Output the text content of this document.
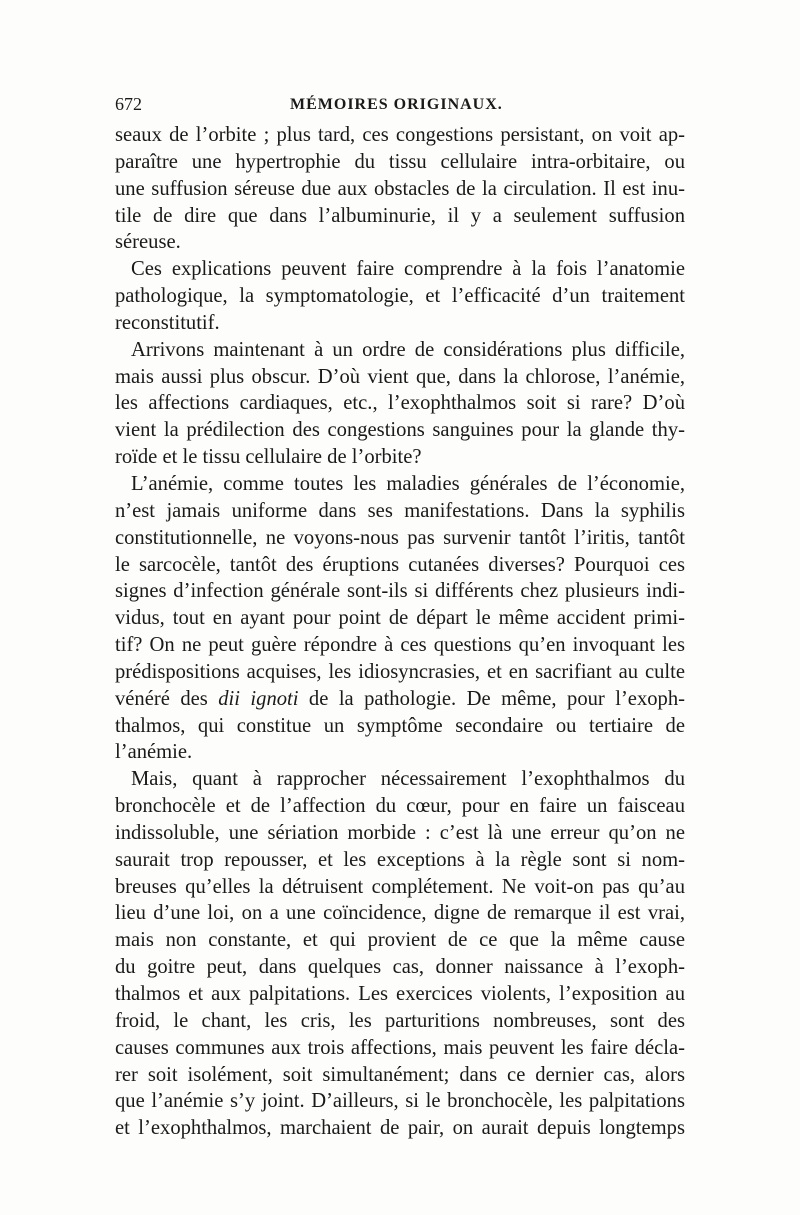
672	MÉMOIRES ORIGINAUX.
seaux de l’orbite ; plus tard, ces congestions persistant, on voit ap-
paraître une hypertrophie du tissu cellulaire intra-orbitaire, ou
une suffusion séreuse due aux obstacles de la circulation. Il est inu-
tile de dire que dans l’albuminurie, il y a seulement suffusion
séreuse.
Ces explications peuvent faire comprendre à la fois l’anatomie
pathologique, la symptomatologie, et l’efficacité d’un traitement
reconstitutif.
Arrivons maintenant à un ordre de considérations plus difficile,
mais aussi plus obscur. D’où vient que, dans la chlorose, l’anémie,
les affections cardiaques, etc., l’exophthalmos soit si rare? D’où
vient la prédilection des congestions sanguines pour la glande thy-
roïde et le tissu cellulaire de l’orbite?
L’anémie, comme toutes les maladies générales de l’économie,
n’est jamais uniforme dans ses manifestations. Dans la syphilis
constitutionnelle, ne voyons-nous pas survenir tantôt l’iritis, tantôt
le sarcocèle, tantôt des éruptions cutanées diverses? Pourquoi ces
signes d’infection générale sont-ils si différents chez plusieurs indi-
vidus, tout en ayant pour point de départ le même accident primi-
tif? On ne peut guère répondre à ces questions qu’en invoquant les
prédispositions acquises, les idiosyncrasies, et en sacrifiant au culte
vénéré des dii ignoti de la pathologie. De même, pour l’exoph-
thalmos, qui constitue un symptôme secondaire ou tertiaire de
l’anémie.
Mais, quant à rapprocher nécessairement l’exophthalmos du
bronchocèle et de l’affection du cœur, pour en faire un faisceau
indissoluble, une sériation morbide : c’est là une erreur qu’on ne
saurait trop repousser, et les exceptions à la règle sont si nom-
breuses qu’elles la détruisent complétement. Ne voit-on pas qu’au
lieu d’une loi, on a une coïncidence, digne de remarque il est vrai,
mais non constante, et qui provient de ce que la même cause
du goitre peut, dans quelques cas, donner naissance à l’exoph-
thalmos et aux palpitations. Les exercices violents, l’exposition au
froid, le chant, les cris, les parturitions nombreuses, sont des
causes communes aux trois affections, mais peuvent les faire décla-
rer soit isolément, soit simultanément; dans ce dernier cas, alors
que l’anémie s’y joint. D’ailleurs, si le bronchocèle, les palpitations
et l’exophthalmos, marchaient de pair, on aurait depuis longtemps
